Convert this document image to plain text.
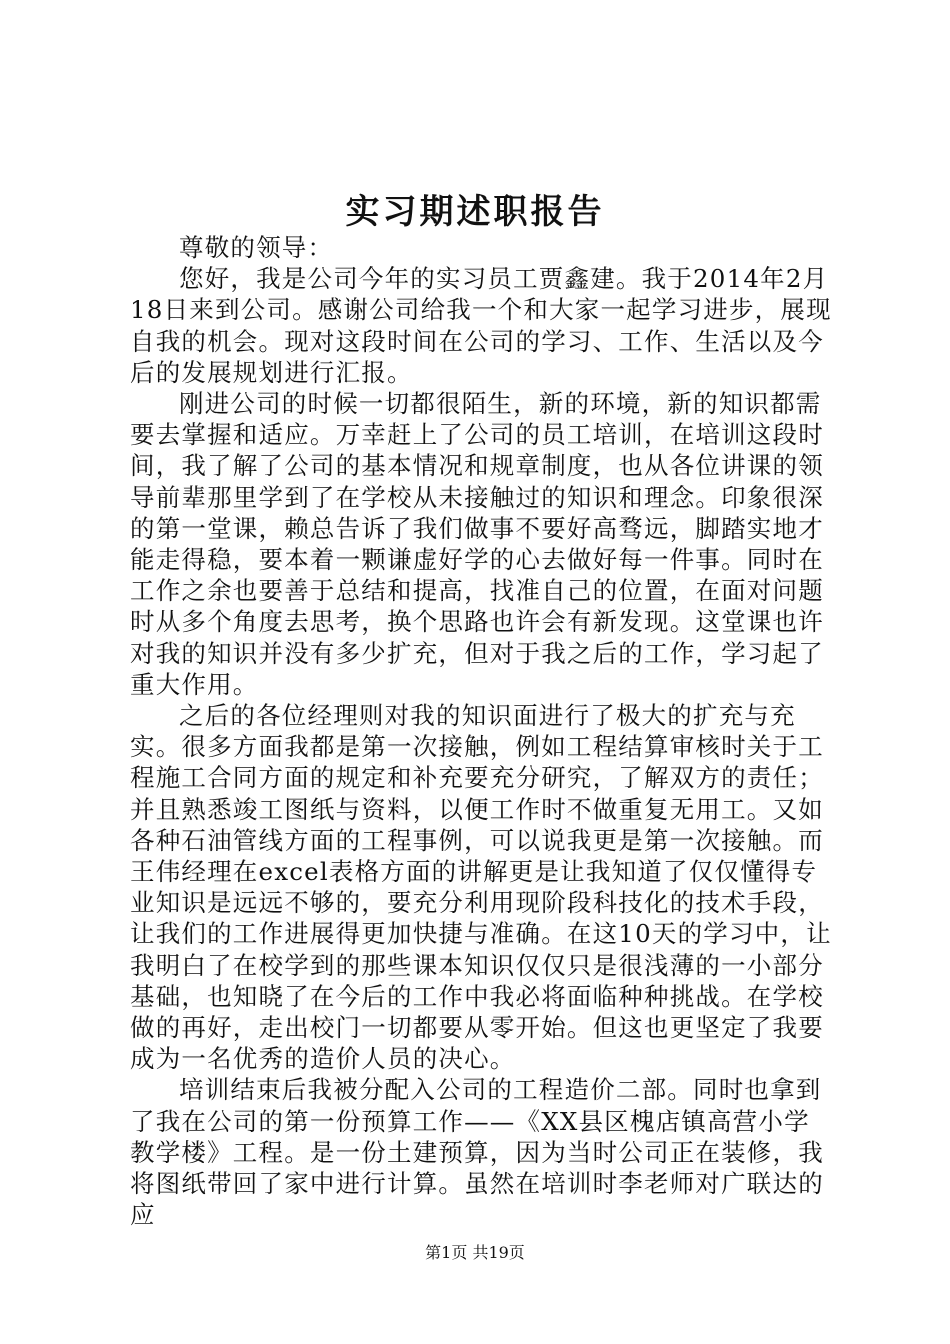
实习期述职报告

尊敬的领导：

您好，我是公司今年的实习员工贾鑫建。我于2014年2月18日来到公司。感谢公司给我一个和大家一起学习进步，展现自我的机会。现对这段时间在公司的学习、工作、生活以及今后的发展规划进行汇报。

刚进公司的时候一切都很陌生，新的环境，新的知识都需要去掌握和适应。万幸赶上了公司的员工培训，在培训这段时间，我了解了公司的基本情况和规章制度，也从各位讲课的领导前辈那里学到了在学校从未接触过的知识和理念。印象很深的第一堂课，赖总告诉了我们做事不要好高骛远，脚踏实地才能走得稳，要本着一颗谦虚好学的心去做好每一件事。同时在工作之余也要善于总结和提高，找准自己的位置，在面对问题时从多个角度去思考，换个思路也许会有新发现。这堂课也许对我的知识并没有多少扩充，但对于我之后的工作，学习起了重大作用。

之后的各位经理则对我的知识面进行了极大的扩充与充实。很多方面我都是第一次接触，例如工程结算审核时关于工程施工合同方面的规定和补充要充分研究，了解双方的责任；并且熟悉竣工图纸与资料，以便工作时不做重复无用工。又如各种石油管线方面的工程事例，可以说我更是第一次接触。而王伟经理在excel表格方面的讲解更是让我知道了仅仅懂得专业知识是远远不够的，要充分利用现阶段科技化的技术手段，让我们的工作进展得更加快捷与准确。在这10天的学习中，让我明白了在校学到的那些课本知识仅仅只是很浅薄的一小部分基础，也知晓了在今后的工作中我必将面临种种挑战。在学校做的再好，走出校门一切都要从零开始。但这也更坚定了我要成为一名优秀的造价人员的决心。

培训结束后我被分配入公司的工程造价二部。同时也拿到了我在公司的第一份预算工作——《XX县区槐店镇高营小学教学楼》工程。是一份土建预算，因为当时公司正在装修，我将图纸带回了家中进行计算。虽然在培训时李老师对广联达的应

第1页 共19页
